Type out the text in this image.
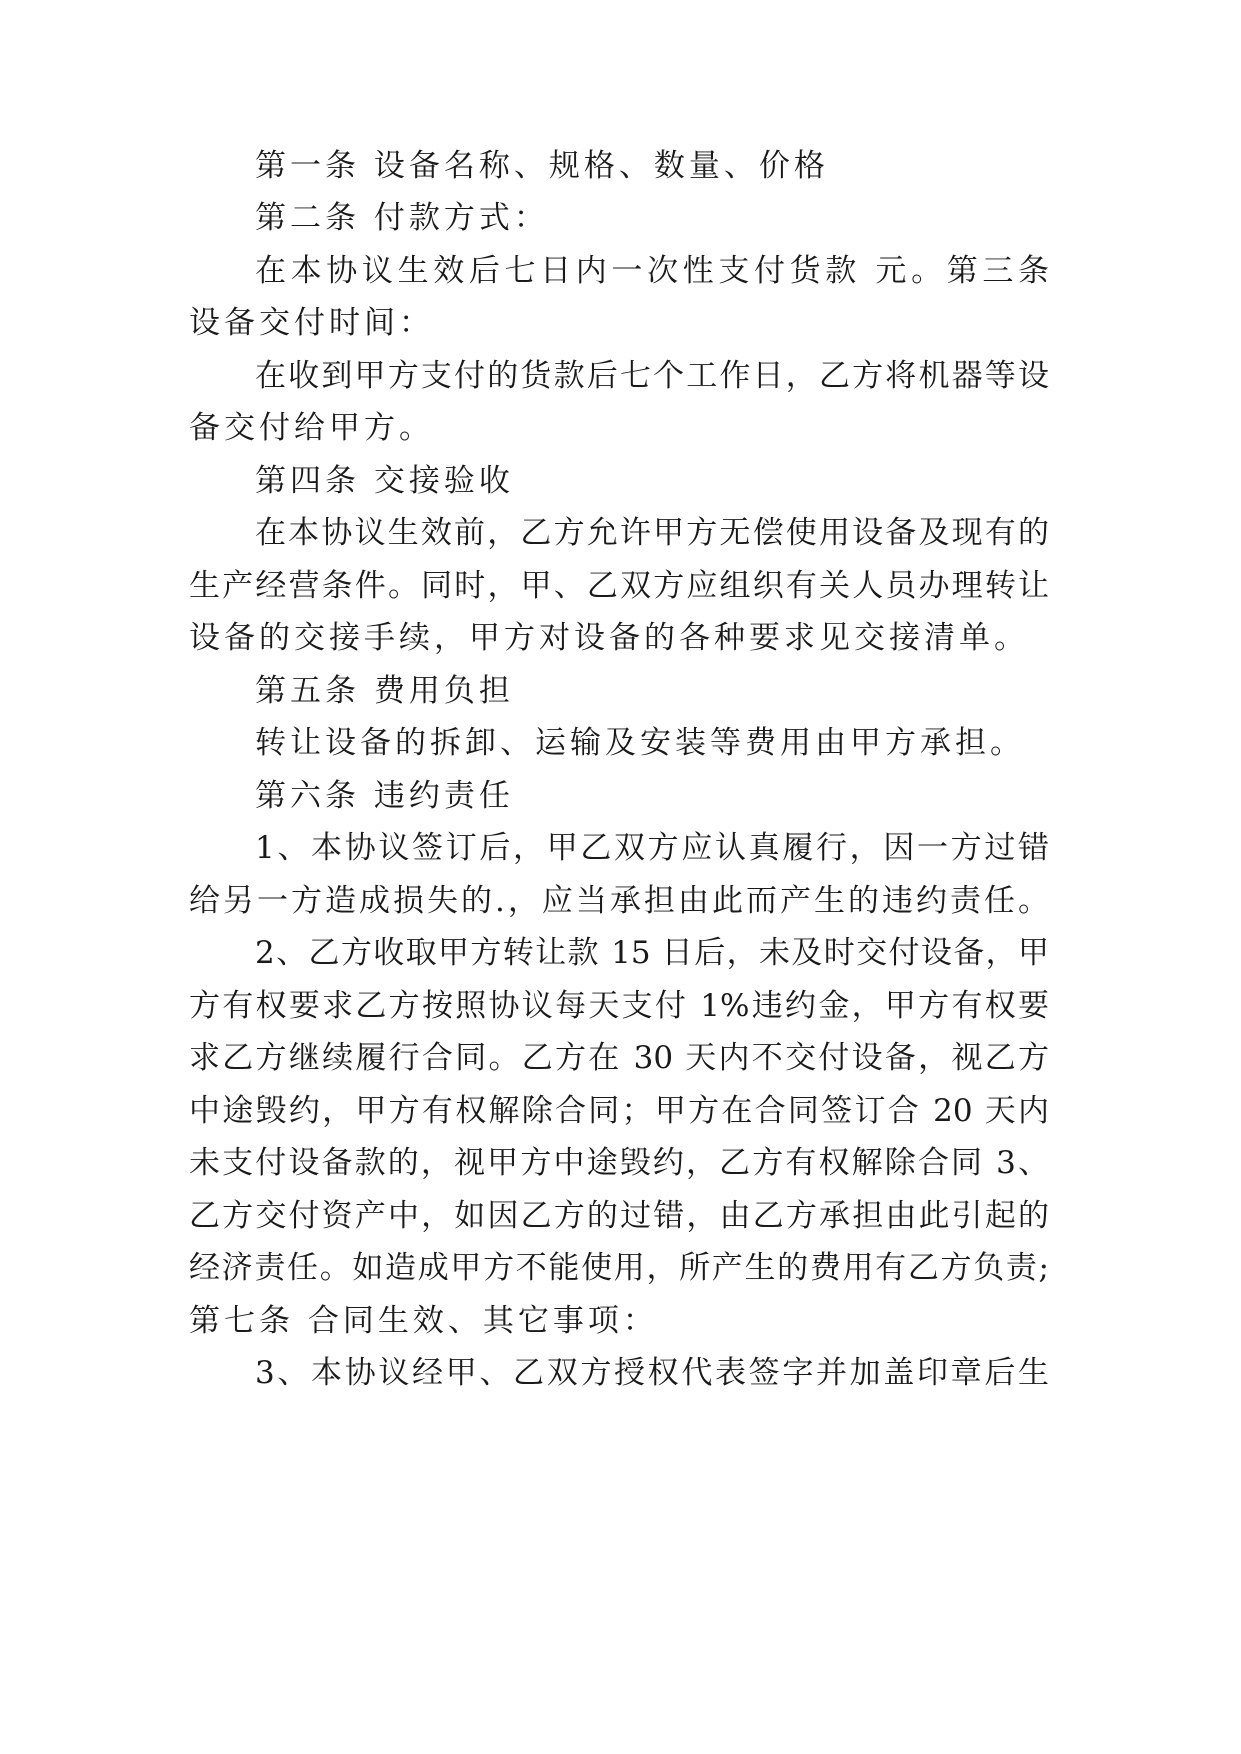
第一条 设备名称、规格、数量、价格
第二条 付款方式：
在本协议生效后七日内一次性支付货款 元。第三条
设备交付时间：
在收到甲方支付的货款后七个工作日，乙方将机器等设
备交付给甲方。
第四条 交接验收
在本协议生效前，乙方允许甲方无偿使用设备及现有的
生产经营条件。同时，甲、乙双方应组织有关人员办理转让
设备的交接手续，甲方对设备的各种要求见交接清单。
第五条 费用负担
转让设备的拆卸、运输及安装等费用由甲方承担。
第六条 违约责任
1、本协议签订后，甲乙双方应认真履行，因一方过错
给另一方造成损失的.，应当承担由此而产生的违约责任。
2、乙方收取甲方转让款 15 日后，未及时交付设备，甲
方有权要求乙方按照协议每天支付 1%违约金，甲方有权要
求乙方继续履行合同。乙方在 30 天内不交付设备，视乙方
中途毁约，甲方有权解除合同；甲方在合同签订合 20 天内
未支付设备款的，视甲方中途毁约，乙方有权解除合同 3、
乙方交付资产中，如因乙方的过错，由乙方承担由此引起的
经济责任。如造成甲方不能使用，所产生的费用有乙方负责;
第七条 合同生效、其它事项：
3、本协议经甲、乙双方授权代表签字并加盖印章后生
